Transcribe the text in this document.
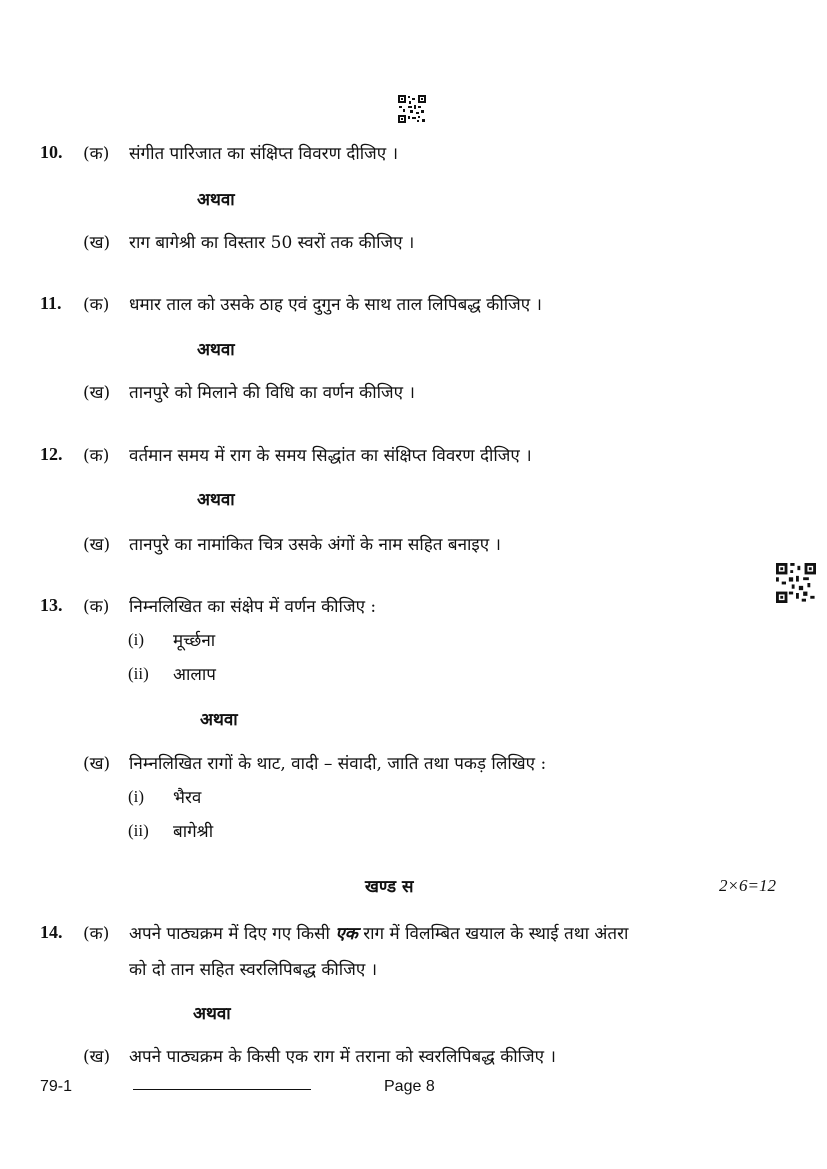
10. (क) संगीत पारिजात का संक्षिप्त विवरण दीजिए ।
अथवा
(ख) राग बागेश्री का विस्तार 50 स्वरों तक कीजिए ।
11. (क) धमार ताल को उसके ठाह एवं दुगुन के साथ ताल लिपिबद्ध कीजिए ।
अथवा
(ख) तानपुरे को मिलाने की विधि का वर्णन कीजिए ।
12. (क) वर्तमान समय में राग के समय सिद्धांत का संक्षिप्त विवरण दीजिए ।
अथवा
(ख) तानपुरे का नामांकित चित्र उसके अंगों के नाम सहित बनाइए ।
13. (क) निम्नलिखित का संक्षेप में वर्णन कीजिए :
(i) मूर्च्छना
(ii) आलाप
अथवा
(ख) निम्नलिखित रागों के थाट, वादी – संवादी, जाति तथा पकड़ लिखिए :
(i) भैरव
(ii) बागेश्री
खण्ड स	2×6=12
14. (क) अपने पाठ्यक्रम में दिए गए किसी एक राग में विलम्बित खयाल के स्थाई तथा अंतरा
को दो तान सहित स्वरलिपिबद्ध कीजिए ।
अथवा
(ख) अपने पाठ्यक्रम के किसी एक राग में तराना को स्वरलिपिबद्ध कीजिए ।
79-1	Page 8
